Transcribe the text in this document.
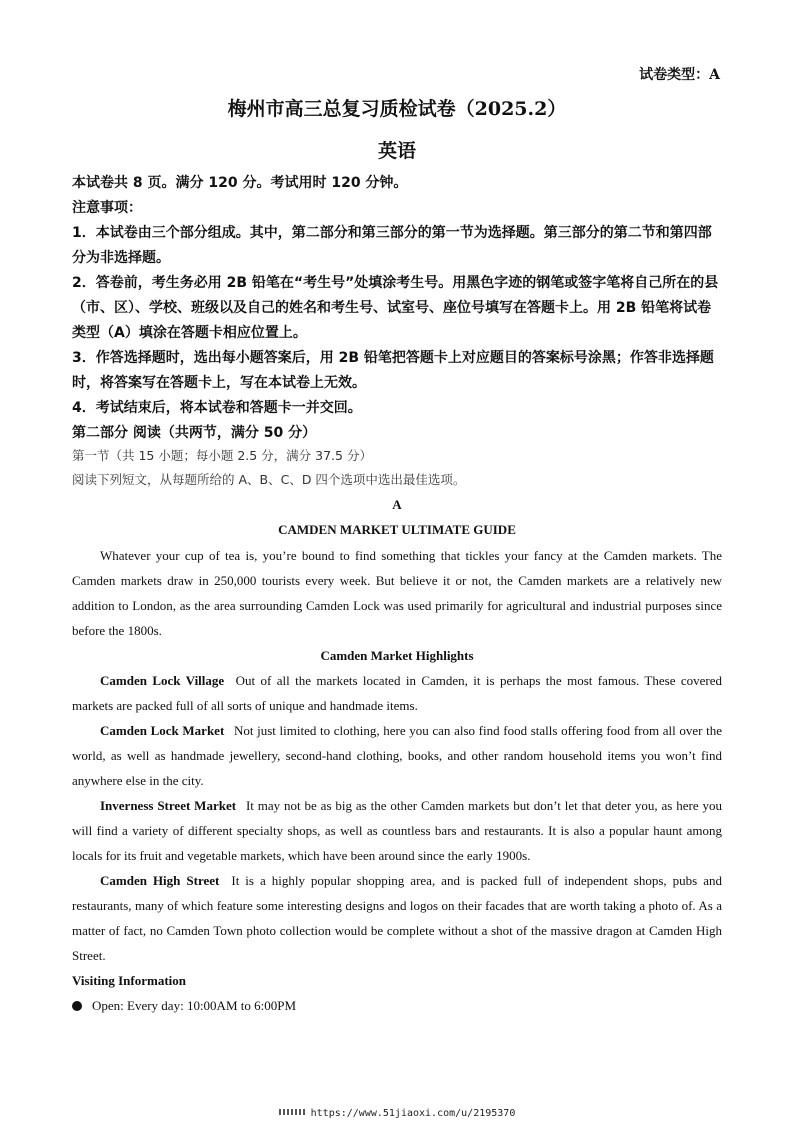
试卷类型：A
梅州市高三总复习质检试卷（2025.2）
英语
本试卷共 8 页。满分 120 分。考试用时 120 分钟。
注意事项：
1．本试卷由三个部分组成。其中，第二部分和第三部分的第一节为选择题。第三部分的第二节和第四部分为非选择题。
2．答卷前，考生务必用 2B 铅笔在“考生号”处填涂考生号。用黑色字迹的钢笔或签字笔将自己所在的县（市、区）、学校、班级以及自己的姓名和考生号、试室号、座位号填写在答题卡上。用 2B 铅笔将试卷类型（A）填涂在答题卡相应位置上。
3．作答选择题时，选出每小题答案后，用 2B 铅笔把答题卡上对应题目的答案标号涂黑；作答非选择题时，将答案写在答题卡上，写在本试卷上无效。
4．考试结束后，将本试卷和答题卡一并交回。
第二部分 阅读（共两节，满分 50 分）
第一节（共 15 小题；每小题 2.5 分，满分 37.5 分）
阅读下列短文，从每题所给的 A、B、C、D 四个选项中选出最佳选项。
A
CAMDEN MARKET ULTIMATE GUIDE

Whatever your cup of tea is, you’re bound to find something that tickles your fancy at the Camden markets. The Camden markets draw in 250,000 tourists every week. But believe it or not, the Camden markets are a relatively new addition to London, as the area surrounding Camden Lock was used primarily for agricultural and industrial purposes since before the 1800s.

Camden Market Highlights

Camden Lock Village Out of all the markets located in Camden, it is perhaps the most famous. These covered markets are packed full of all sorts of unique and handmade items.

Camden Lock Market Not just limited to clothing, here you can also find food stalls offering food from all over the world, as well as handmade jewellery, second-hand clothing, books, and other random household items you won’t find anywhere else in the city.

Inverness Street Market It may not be as big as the other Camden markets but don’t let that deter you, as here you will find a variety of different specialty shops, as well as countless bars and restaurants. It is also a popular haunt among locals for its fruit and vegetable markets, which have been around since the early 1900s.

Camden High Street It is a highly popular shopping area, and is packed full of independent shops, pubs and restaurants, many of which feature some interesting designs and logos on their facades that are worth taking a photo of. As a matter of fact, no Camden Town photo collection would be complete without a shot of the massive dragon at Camden High Street.

Visiting Information
Open: Every day: 10:00AM to 6:00PM
https://www.51jiaoxi.com/u/2195370
